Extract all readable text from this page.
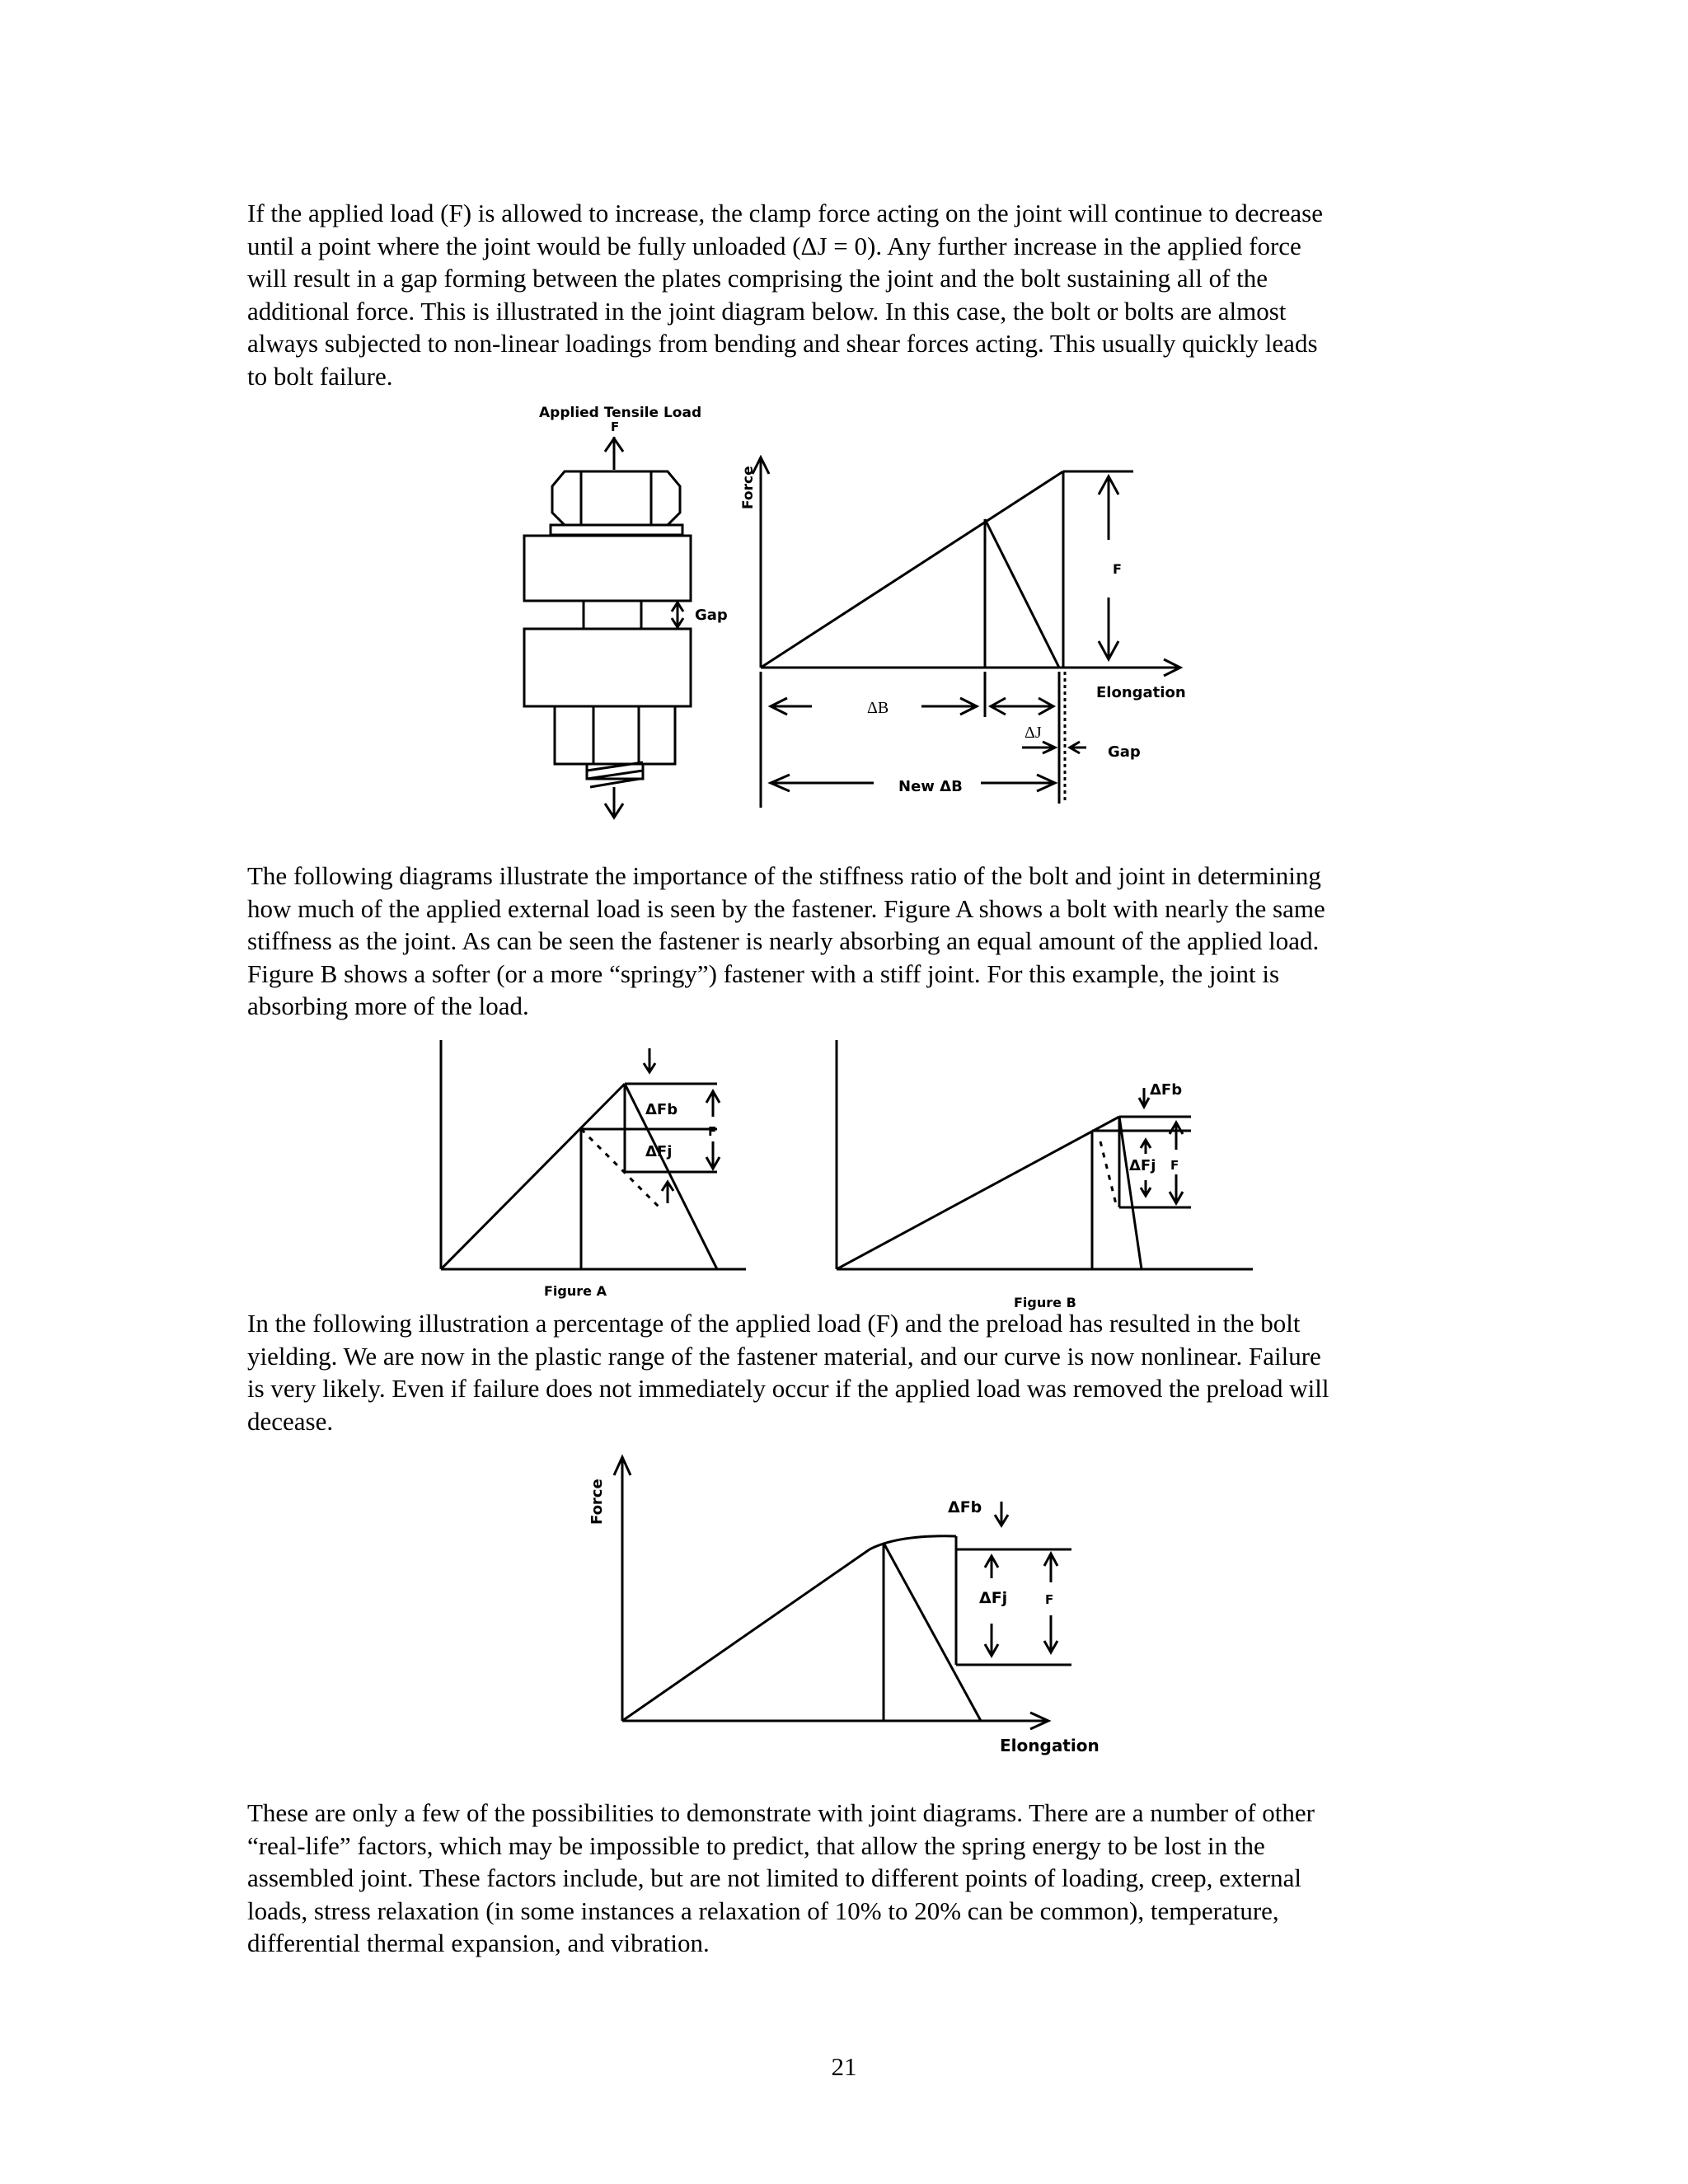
If the applied load (F) is allowed to increase, the clamp force acting on the joint will continue to decrease
until a point where the joint would be fully unloaded (ΔJ = 0). Any further increase in the applied force
will result in a gap forming between the plates comprising the joint and the bolt sustaining all of the
additional force. This is illustrated in the joint diagram below. In this case, the bolt or bolts are almost
always subjected to non-linear loadings from bending and shear forces acting. This usually quickly leads
to bolt failure.
Applied Tensile Load
F
Gap
Force
F
Elongation
ΔB
ΔJ
Gap
New ΔB
The following diagrams illustrate the importance of the stiffness ratio of the bolt and joint in determining
how much of the applied external load is seen by the fastener. Figure A shows a bolt with nearly the same
stiffness as the joint. As can be seen the fastener is nearly absorbing an equal amount of the applied load.
Figure B shows a softer (or a more “springy”) fastener with a stiff joint. For this example, the joint is
absorbing more of the load.
ΔFb
ΔFj
F
Figure A
ΔFb
ΔFj F
Figure B
In the following illustration a percentage of the applied load (F) and the preload has resulted in the bolt
yielding. We are now in the plastic range of the fastener material, and our curve is now nonlinear. Failure
is very likely. Even if failure does not immediately occur if the applied load was removed the preload will
decease.
Force	ΔFb
ΔFj	F
Elongation
These are only a few of the possibilities to demonstrate with joint diagrams. There are a number of other
“real-life” factors, which may be impossible to predict, that allow the spring energy to be lost in the
assembled joint. These factors include, but are not limited to different points of loading, creep, external
loads, stress relaxation (in some instances a relaxation of 10% to 20% can be common), temperature,
differential thermal expansion, and vibration.
21
